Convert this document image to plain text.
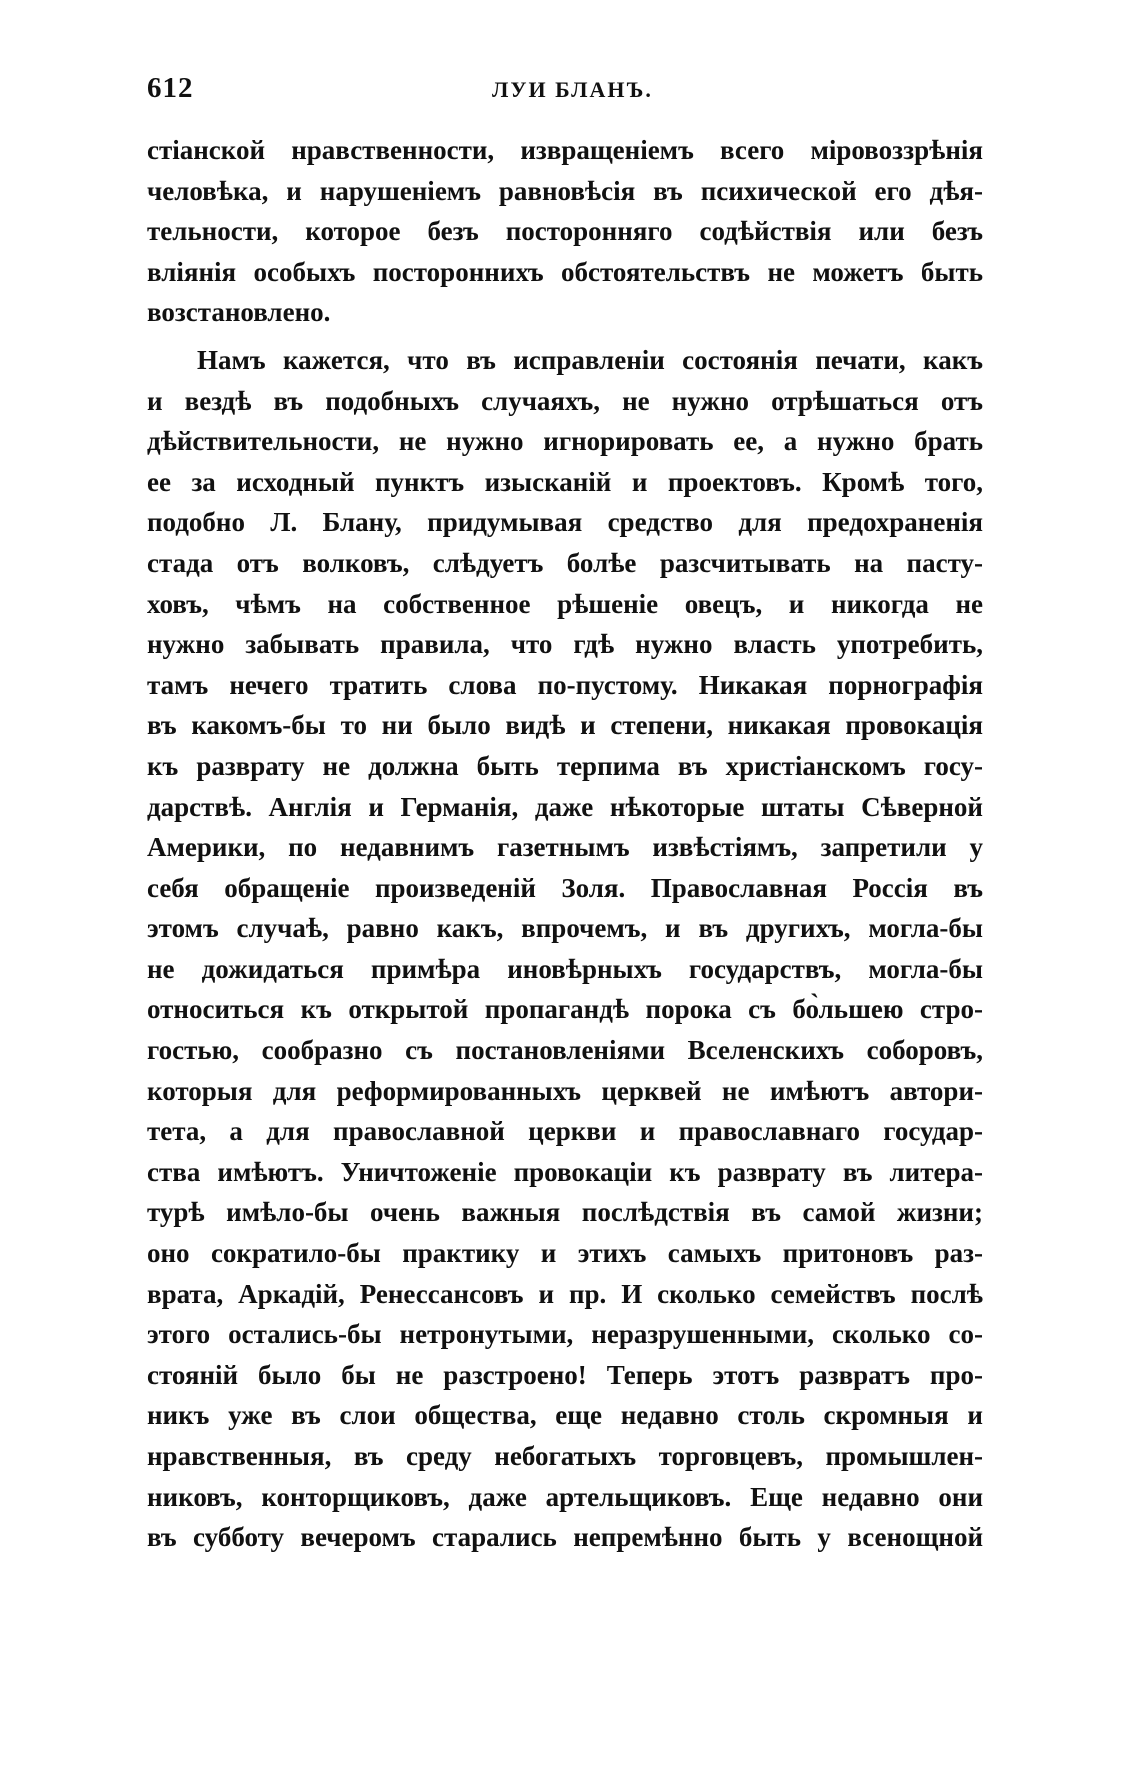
612	ЛУИ БЛАНЪ.
стіанской нравственности, извращеніемъ всего міровоззрѣнія
человѣка, и нарушеніемъ равновѣсія въ психической его дѣя-
тельности, которое безъ посторонняго содѣйствія или безъ
вліянія особыхъ постороннихъ обстоятельствъ не можетъ быть
возстановлено.
Намъ кажется, что въ исправленіи состоянія печати, какъ
и вездѣ въ подобныхъ случаяхъ, не нужно отрѣшаться отъ
дѣйствительности, не нужно игнорировать ее, а нужно брать
ее за исходный пунктъ изысканій и проектовъ. Кромѣ того,
подобно Л. Блану, придумывая средство для предохраненія
стада отъ волковъ, слѣдуетъ болѣе разсчитывать на пасту-
ховъ, чѣмъ на собственное рѣшеніе овецъ, и никогда не
нужно забывать правила, что гдѣ нужно власть употребить,
тамъ нечего тратить слова по-пустому. Никакая порнографія
въ какомъ-бы то ни было видѣ и степени, никакая провокація
къ разврату не должна быть терпима въ христіанскомъ госу-
дарствѣ. Англія и Германія, даже нѣкоторые штаты Сѣверной
Америки, по недавнимъ газетнымъ извѣстіямъ, запретили у
себя обращеніе произведеній Золя. Православная Россія въ
этомъ случаѣ, равно какъ, впрочемъ, и въ другихъ, могла-бы
не дожидаться примѣра иновѣрныхъ государствъ, могла-бы
относиться къ открытой пропагандѣ порока съ бо̀льшею стро-
гостью, сообразно съ постановленіями Вселенскихъ соборовъ,
которыя для реформированныхъ церквей не имѣютъ автори-
тета, а для православной церкви и православнаго государ-
ства имѣютъ. Уничтоженіе провокаціи къ разврату въ литера-
турѣ имѣло-бы очень важныя послѣдствія въ самой жизни;
оно сократило-бы практику и этихъ самыхъ притоновъ раз-
врата, Аркадій, Ренессансовъ и пр. И сколько семействъ послѣ
этого остались-бы нетронутыми, неразрушенными, сколько со-
стояній было бы не разстроено! Теперь этотъ развратъ про-
никъ уже въ слои общества, еще недавно столь скромныя и
нравственныя, въ среду небогатыхъ торговцевъ, промышлен-
никовъ, конторщиковъ, даже артельщиковъ. Еще недавно они
въ субботу вечеромъ старались непремѣнно быть у всенощной
